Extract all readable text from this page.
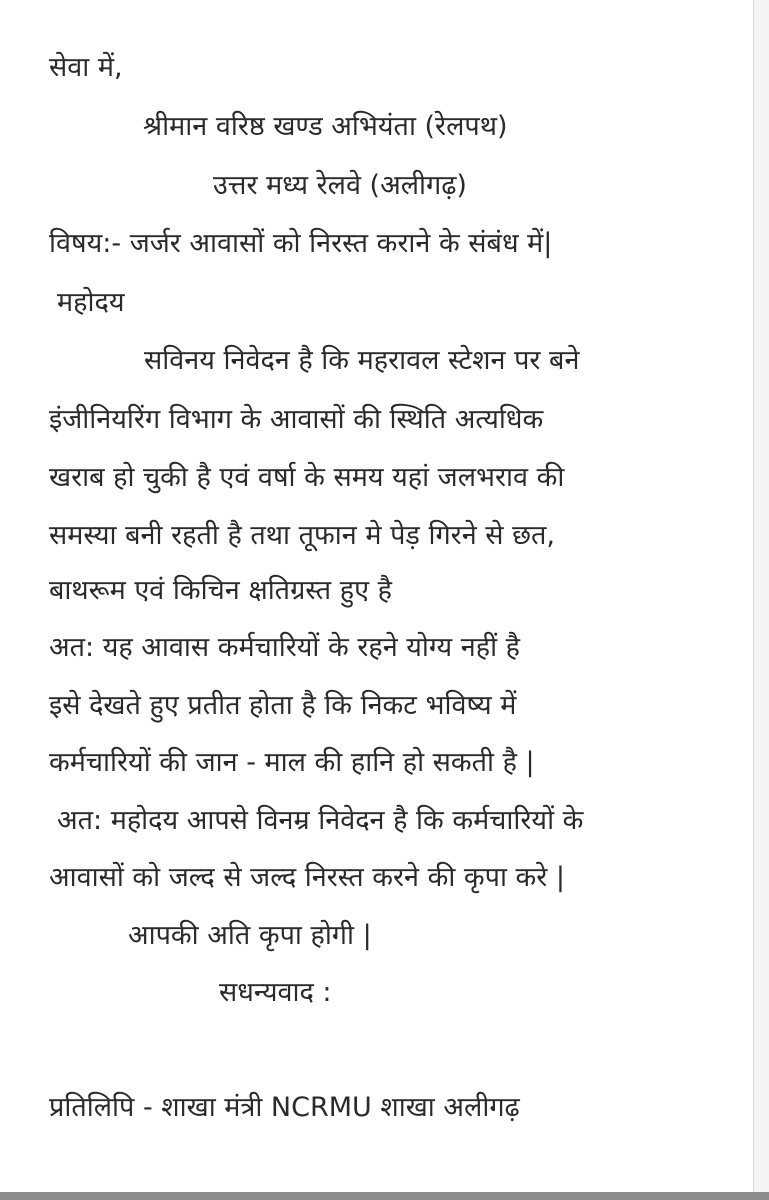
सेवा में,
श्रीमान वरिष्ठ खण्ड अभियंता (रेलपथ)
उत्तर मध्य रेलवे (अलीगढ़)
विषय:- जर्जर आवासों को निरस्त कराने के संबंध में|
महोदय
सविनय निवेदन है कि महरावल स्टेशन पर बने
इंजीनियरिंग विभाग के आवासों की स्थिति अत्यधिक
खराब हो चुकी है एवं वर्षा के समय यहां जलभराव की
समस्या बनी रहती है तथा तूफान मे पेड़ गिरने से छत,
बाथरूम एवं किचिन क्षतिग्रस्त हुए है
अत: यह आवास कर्मचारियों के रहने योग्य नहीं है
इसे देखते हुए प्रतीत होता है कि निकट भविष्य में
कर्मचारियों की जान - माल की हानि हो सकती है |
अत: महोदय आपसे विनम्र निवेदन है कि कर्मचारियों के
आवासों को जल्द से जल्द निरस्त करने की कृपा करे |
आपकी अति कृपा होगी |
सधन्यवाद :
प्रतिलिपि - शाखा मंत्री NCRMU शाखा अलीगढ़
